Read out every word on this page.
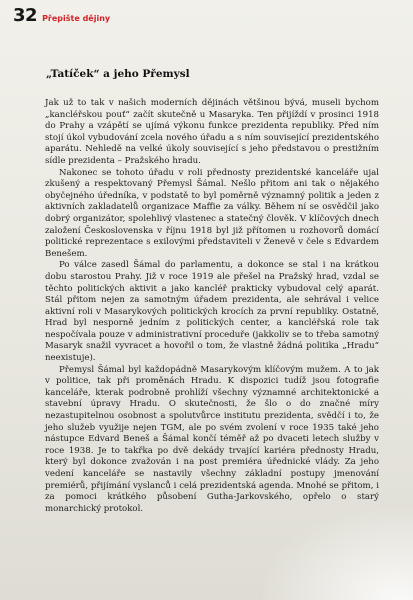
32 Přepište dějiny
„Tatíček“ a jeho Přemysl

Jak už to tak v našich moderních dějinách většinou bývá, museli bychom „kancléřskou pouť“ začít skutečně u Masaryka. Ten přijíždí v prosinci 1918 do Prahy a vzápětí se ujímá výkonu funkce prezidenta republiky. Před ním stojí úkol vybudování zcela nového úřadu a s ním související prezidentského aparátu. Nehledě na velké úkoly související s jeho představou o prestižním sídle prezidenta – Pražského hradu.

Nakonec se tohoto úřadu v roli přednosty prezidentské kanceláře ujal zkušený a respektovaný Přemysl Šámal. Nešlo přitom ani tak o nějakého obyčejného úředníka, v podstatě to byl poměrně významný politik a jeden z aktivních zakladatelů organizace Maffie za války. Během ní se osvědčil jako dobrý organizátor, spolehlivý vlastenec a statečný člověk. V klíčových dnech založení Československa v říjnu 1918 byl již přítomen u rozhovorů domácí politické reprezentace s exilovými představiteli v Ženevě v čele s Edvardem Benešem.

Po válce zasedl Šámal do parlamentu, a dokonce se stal i na krátkou dobu starostou Prahy. Již v roce 1919 ale přešel na Pražský hrad, vzdal se těchto politických aktivit a jako kancléř prakticky vybudoval celý aparát. Stál přitom nejen za samotným úřadem prezidenta, ale sehrával i velice aktivní roli v Masarykových politických krocích za první republiky. Ostatně, Hrad byl nesporně jedním z politických center, a kancléřská role tak nespočívala pouze v administrativní proceduře (jakkoliv se to třeba samotný Masaryk snažil vyvracet a hovořil o tom, že vlastně žádná politika „Hradu“ neexistuje).

Přemysl Šámal byl každopádně Masarykovým klíčovým mužem. A to jak v politice, tak při proměnách Hradu. K dispozici tudíž jsou fotografie kanceláře, kterak podrobně prohlíží všechny významné architektonické a stavební úpravy Hradu. O skutečnosti, že šlo o do značné míry nezastupitelnou osobnost a spolutvůrce institutu prezidenta, svědčí i to, že jeho služeb využije nejen TGM, ale po svém zvolení v roce 1935 také jeho nástupce Edvard Beneš a Šámal končí téměř až po dvaceti letech služby v roce 1938. Je to takřka po dvě dekády trvající kariéra přednosty Hradu, který byl dokonce zvažován i na post premiéra úřednické vlády. Za jeho vedení kanceláře se nastavily všechny základní postupy jmenování premiérů, přijímání vyslanců i celá prezidentská agenda. Mnohé se přitom, i za pomoci krátkého působení Gutha-Jarkovského, opřelo o starý monarchický protokol.
